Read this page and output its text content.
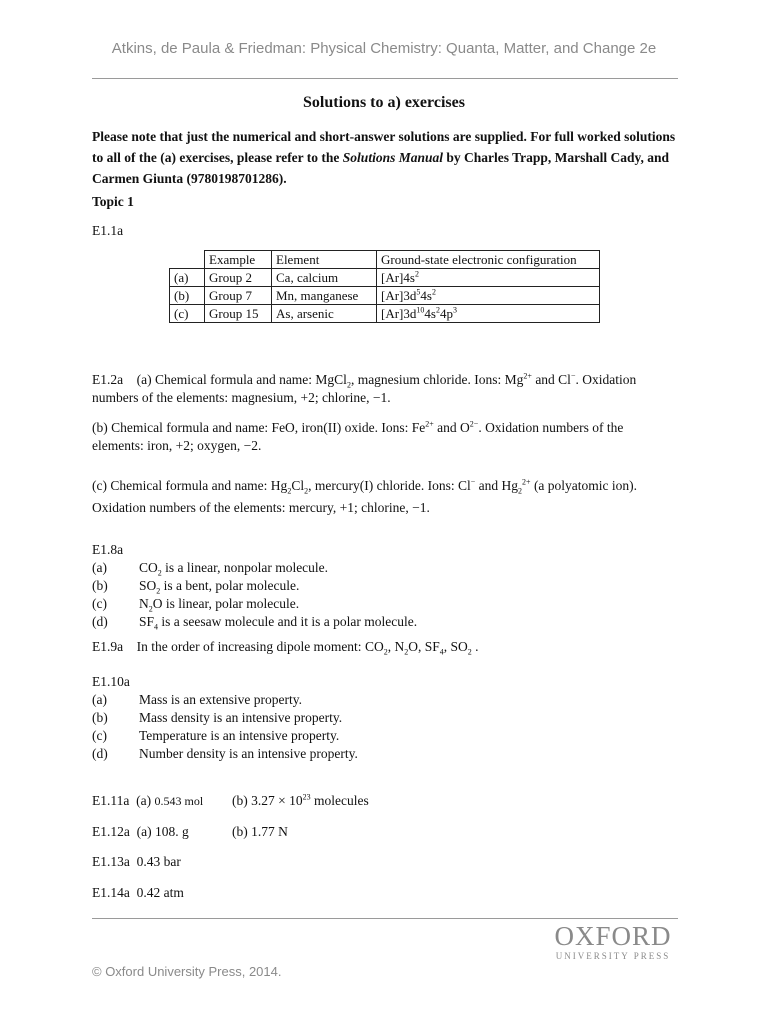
Atkins, de Paula & Friedman: Physical Chemistry: Quanta, Matter, and Change 2e
Solutions to a) exercises
Please note that just the numerical and short-answer solutions are supplied. For full worked solutions to all of the (a) exercises, please refer to the Solutions Manual by Charles Trapp, Marshall Cady, and Carmen Giunta (9780198701286).
Topic 1
E1.1a
	Example	Element	Ground-state electronic configuration
(a)	Group 2	Ca, calcium	$[Ar]4s^2$
(b)	Group 7	Mn, manganese	$[Ar]3d^54s^2$
(c)	Group 15	As, arsenic	$[Ar]3d^{10}4s^24p^3$
E1.2a    (a) Chemical formula and name: MgCl$_2$, magnesium chloride. Ions: $Mg^{2+}$ and Cl−. Oxidation
numbers of the elements: magnesium, +2; chlorine, −1.
(b) Chemical formula and name: FeO, iron(II) oxide. Ions: $Fe^{2+}$ and $O^{2-}$. Oxidation numbers of the
elements: iron, +2; oxygen, −2.
(c) Chemical formula and name: $Hg_2Cl_2$, mercury(I) chloride. Ions: Cl− and $Hg_2^{2+}$ (a polyatomic ion).
Oxidation numbers of the elements: mercury, +1; chlorine, −1.
E1.8a
(a) $CO_2$ is a linear, nonpolar molecule.
(b) $SO_2$ is a bent, polar molecule.
(c) $N_2O$ is linear, polar molecule.
(d) $SF_4$ is a seesaw molecule and it is a polar molecule.
E1.9a In the order of increasing dipole moment: $CO_2$, $N_2O$, $SF_4$, $SO_2$ .
E1.10a
(a) Mass is an extensive property.
(b) Mass density is an intensive property.
(c) Temperature is an intensive property.
(d) Number density is an intensive property.
E1.11a (a) 0.543 mol (b) $3.27 \times 10^{23}$ molecules
E1.12a (a) 108. g	(b) 1.77 N
E1.13a 0.43 bar
E1.14a 0.42 atm
OXFORD
UNIVERSITY PRESS
© Oxford University Press, 2014.
